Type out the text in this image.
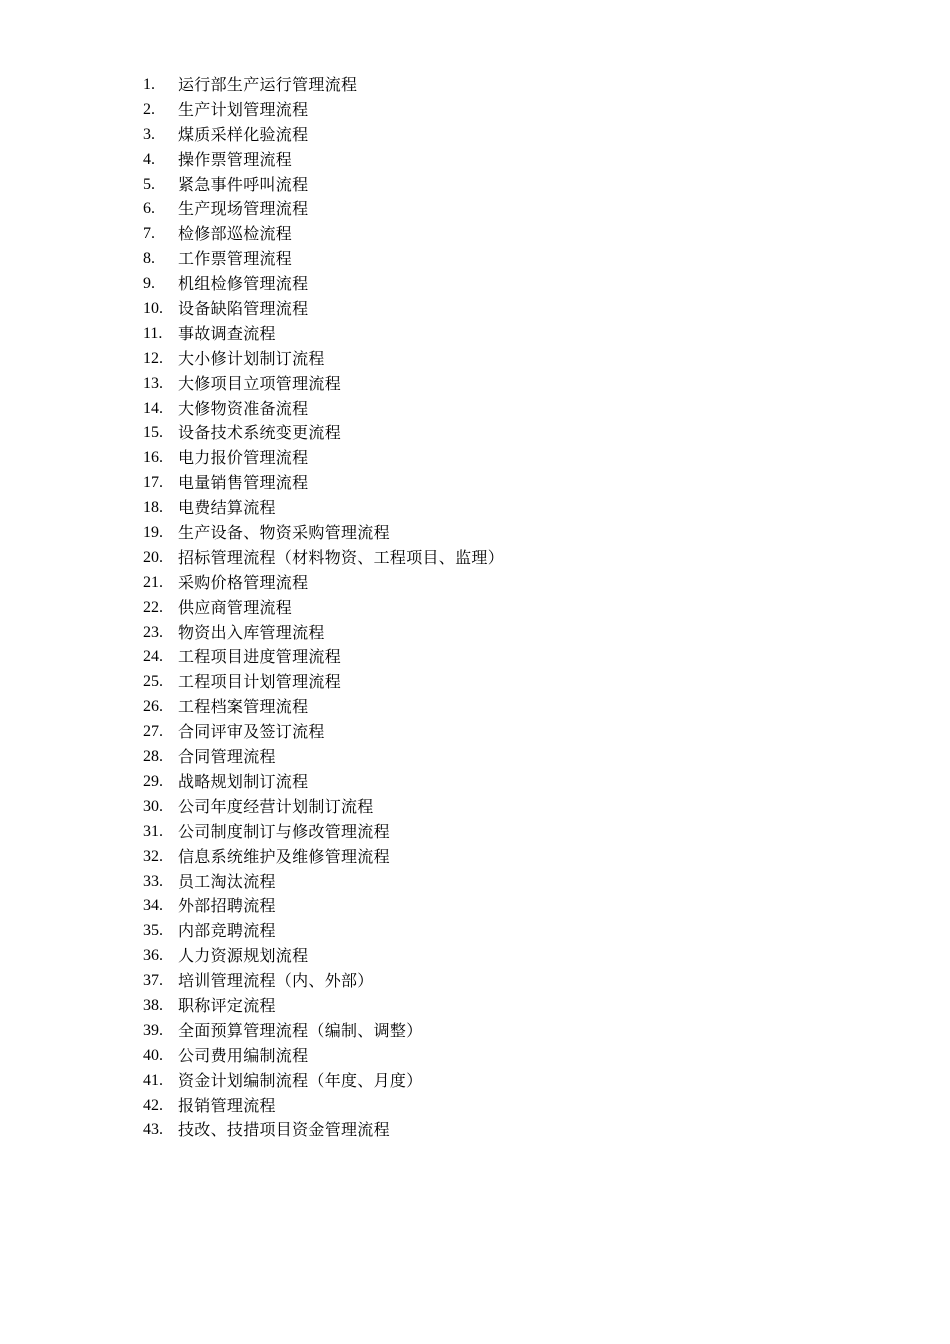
1.	运行部生产运行管理流程
2.	生产计划管理流程
3.	煤质采样化验流程
4.	操作票管理流程
5.	紧急事件呼叫流程
6.	生产现场管理流程
7.	检修部巡检流程
8.	工作票管理流程
9.	机组检修管理流程
10. 设备缺陷管理流程
11. 事故调查流程
12. 大小修计划制订流程
13. 大修项目立项管理流程
14. 大修物资准备流程
15. 设备技术系统变更流程
16. 电力报价管理流程
17. 电量销售管理流程
18. 电费结算流程
19. 生产设备、物资采购管理流程
20. 招标管理流程（材料物资、工程项目、监理）
21. 采购价格管理流程
22. 供应商管理流程
23. 物资出入库管理流程
24. 工程项目进度管理流程
25. 工程项目计划管理流程
26. 工程档案管理流程
27. 合同评审及签订流程
28. 合同管理流程
29. 战略规划制订流程
30. 公司年度经营计划制订流程
31. 公司制度制订与修改管理流程
32. 信息系统维护及维修管理流程
33. 员工淘汰流程
34. 外部招聘流程
35. 内部竞聘流程
36. 人力资源规划流程
37. 培训管理流程（内、外部）
38. 职称评定流程
39. 全面预算管理流程（编制、调整）
40. 公司费用编制流程
41. 资金计划编制流程（年度、月度）
42. 报销管理流程
43. 技改、技措项目资金管理流程
